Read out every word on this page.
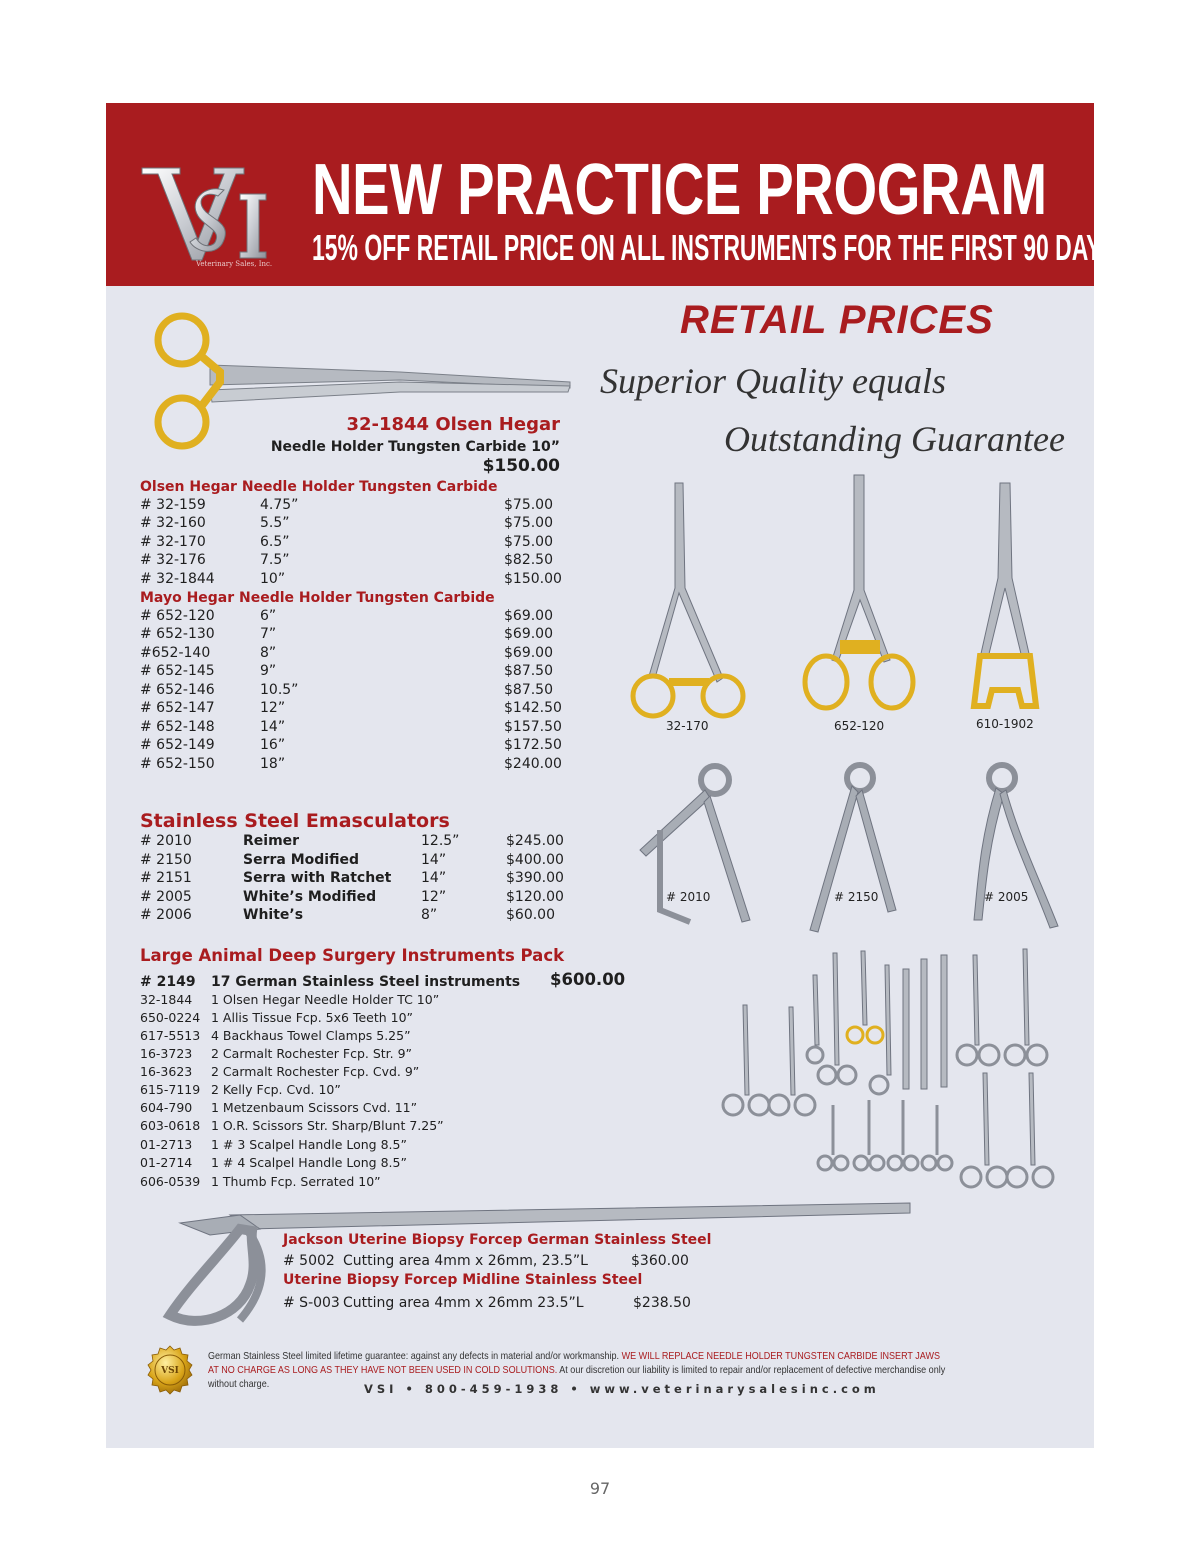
Veterinary Sales, Inc.
NEW PRACTICE PROGRAM
15% OFF RETAIL PRICE ON ALL INSTRUMENTS FOR THE FIRST 90 DAYS
RETAIL PRICES
Superior Quality equals
Outstanding Guarantee
32-1844 Olsen Hegar
Needle Holder Tungsten Carbide 10”
$150.00
Olsen Hegar Needle Holder Tungsten Carbide
# 32-159	4.75”	$75.00
# 32-160	5.5”	$75.00
# 32-170	6.5”	$75.00
# 32-176	7.5”	$82.50
# 32-1844	10”	$150.00
Mayo Hegar Needle Holder Tungsten Carbide
# 652-120	6”	$69.00
# 652-130	7”	$69.00
#652-140	8”	$69.00
# 652-145	9”	$87.50
# 652-146	10.5”	$87.50
# 652-147	12”	$142.50
# 652-148	14”	$157.50
# 652-149	16”	$172.50
# 652-150	18”	$240.00
Stainless Steel Emasculators
# 2010	Reimer	12.5”	$245.00
# 2150	Serra Modified	14”	$400.00
# 2151	Serra with Ratchet 14”	$390.00
# 2005	White’s Modified	12”	$120.00
# 2006	White’s	8”	$60.00
Large Animal Deep Surgery Instruments Pack
# 2149 17 German Stainless Steel instruments $600.00
32-1844 1 Olsen Hegar Needle Holder TC 10”
650-0224 1 Allis Tissue Fcp. 5x6 Teeth 10”
617-5513 4 Backhaus Towel Clamps 5.25”
16-3723 2 Carmalt Rochester Fcp. Str. 9”
16-3623 2 Carmalt Rochester Fcp. Cvd. 9”
615-7119 2 Kelly Fcp. Cvd. 10”
604-790 1 Metzenbaum Scissors Cvd. 11”
603-0618 1 O.R. Scissors Str. Sharp/Blunt 7.25”
01-2713 1 # 3 Scalpel Handle Long 8.5”
01-2714 1 # 4 Scalpel Handle Long 8.5”
606-0539 1 Thumb Fcp. Serrated 10”
32-170	652-120	610-1902
# 2010	# 2150	# 2005
Jackson Uterine Biopsy Forcep German Stainless Steel
# 5002 Cutting area 4mm x 26mm, 23.5”L	$360.00
Uterine Biopsy Forcep Midline Stainless Steel
# S-003 Cutting area 4mm x 26mm 23.5”L	$238.50
VSI
German Stainless Steel limited lifetime guarantee: against any defects in material and/or workmanship. WE WILL REPLACE NEEDLE HOLDER TUNGSTEN CARBIDE INSERT JAWS AT NO CHARGE AS LONG AS THEY HAVE NOT BEEN USED IN COLD SOLUTIONS. At our discretion our liability is limited to repair and/or replacement of defective merchandise only without charge.	VSI • 800-459-1938 • www.veterinarysalesinc.com
97
